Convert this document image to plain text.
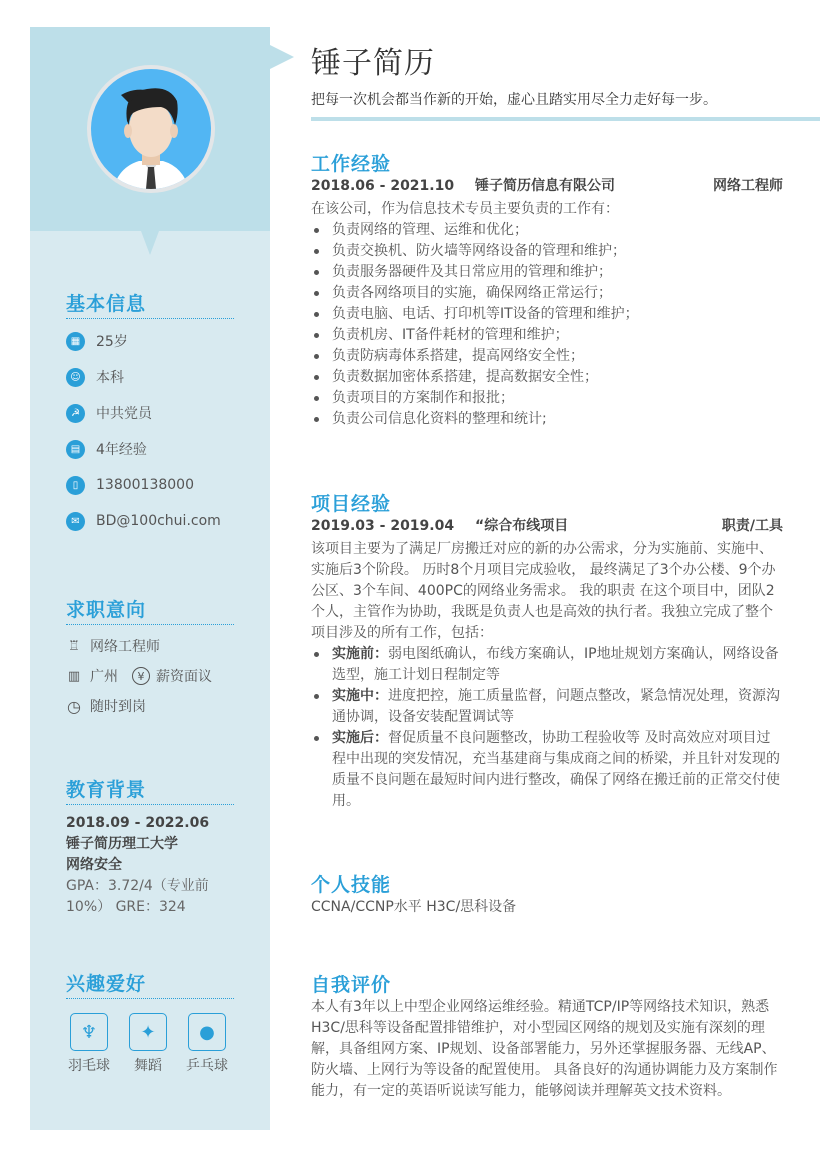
基本信息
▦	25岁
☺	本科
☭	中共党员
▤	4年经验
▯	13800138000
✉	BD@100chui.com
求职意向
♖ 网络工程师
▥ 广州	¥ 薪资面议
◷ 随时到岗
教育背景
2018.09 - 2022.06
锤子简历理工大学
网络安全
GPA：3.72/4（专业前10%） GRE：324
兴趣爱好
♆
羽毛球
✦
舞蹈
●
乒乓球
锤子简历
把每一次机会都当作新的开始，虚心且踏实用尽全力走好每一步。
工作经验
2018.06 - 2021.10	锤子简历信息有限公司	网络工程师
在该公司，作为信息技术专员主要负责的工作有：
负责网络的管理、运维和优化；
负责交换机、防火墙等网络设备的管理和维护；
负责服务器硬件及其日常应用的管理和维护；
负责各网络项目的实施，确保网络正常运行；
负责电脑、电话、打印机等IT设备的管理和维护；
负责机房、IT备件耗材的管理和维护；
负责防病毒体系搭建，提高网络安全性；
负责数据加密体系搭建，提高数据安全性；
负责项目的方案制作和报批；
负责公司信息化资料的整理和统计;
项目经验
2019.03 - 2019.04	“综合布线项目	职责/工具
该项目主要为了满足厂房搬迁对应的新的办公需求，分为实施前、实施中、实施后3个阶段。 历时8个月项目完成验收， 最终满足了3个办公楼、9个办公区、3个车间、400PC的网络业务需求。 我的职责 在这个项目中，团队2个人，主管作为协助，我既是负责人也是高效的执行者。我独立完成了整个项目涉及的所有工作，包括：
实施前：弱电图纸确认，布线方案确认，IP地址规划方案确认，网络设备选型，施工计划日程制定等
实施中：进度把控，施工质量监督，问题点整改，紧急情况处理，资源沟通协调，设备安装配置调试等
实施后：督促质量不良问题整改，协助工程验收等 及时高效应对项目过程中出现的突发情况，充当基建商与集成商之间的桥梁，并且针对发现的质量不良问题在最短时间内进行整改，确保了网络在搬迁前的正常交付使用。
个人技能
CCNA/CCNP水平 H3C/思科设备
自我评价
本人有3年以上中型企业网络运维经验。精通TCP/IP等网络技术知识，熟悉H3C/思科等设备配置排错维护，对小型园区网络的规划及实施有深刻的理解，具备组网方案、IP规划、设备部署能力，另外还掌握服务器、无线AP、防火墙、上网行为等设备的配置使用。 具备良好的沟通协调能力及方案制作能力，有一定的英语听说读写能力，能够阅读并理解英文技术资料。
